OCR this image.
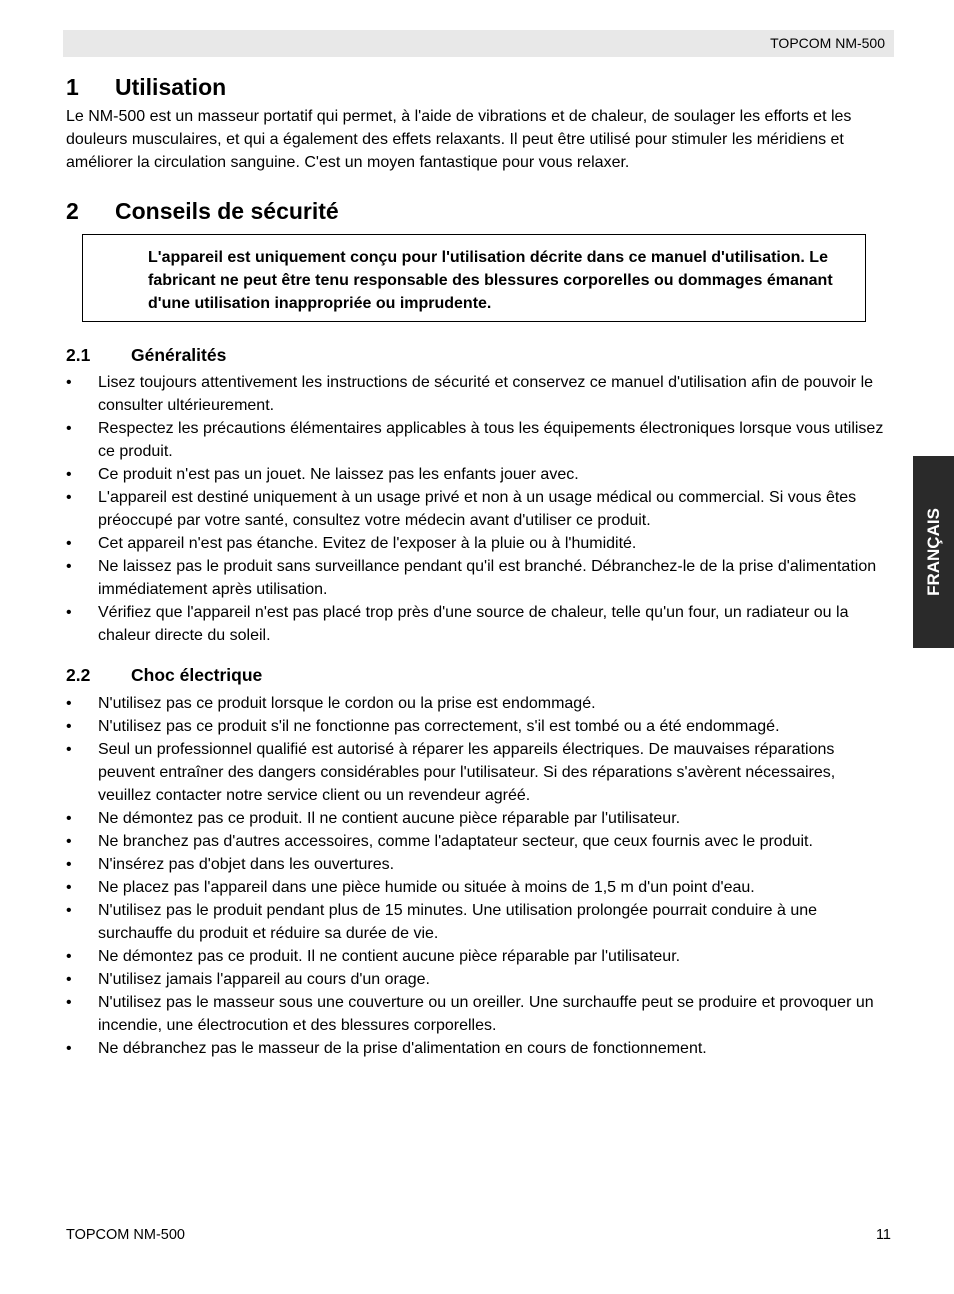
TOPCOM NM-500
1 Utilisation

Le NM-500 est un masseur portatif qui permet, à l'aide de vibrations et de chaleur, de soulager les efforts et les douleurs musculaires, et qui a également des effets relaxants. Il peut être utilisé pour stimuler les méridiens et améliorer la circulation sanguine. C'est un moyen fantastique pour vous relaxer.

2 Conseils de sécurité

L'appareil est uniquement conçu pour l'utilisation décrite dans ce manuel d'utilisation. Le fabricant ne peut être tenu responsable des blessures corporelles ou dommages émanant d'une utilisation inappropriée ou imprudente.

2.1 Généralités
• Lisez toujours attentivement les instructions de sécurité et conservez ce manuel d'utilisation afin de pouvoir le consulter ultérieurement.
• Respectez les précautions élémentaires applicables à tous les équipements électroniques lorsque vous utilisez ce produit.
• Ce produit n'est pas un jouet. Ne laissez pas les enfants jouer avec.
• L'appareil est destiné uniquement à un usage privé et non à un usage médical ou commercial. Si vous êtes préoccupé par votre santé, consultez votre médecin avant d'utiliser ce produit.
• Cet appareil n'est pas étanche. Evitez de l'exposer à la pluie ou à l'humidité.
• Ne laissez pas le produit sans surveillance pendant qu'il est branché. Débranchez-le de la prise d'alimentation immédiatement après utilisation.
• Vérifiez que l'appareil n'est pas placé trop près d'une source de chaleur, telle qu'un four, un radiateur ou la chaleur directe du soleil.
2.2 Choc électrique
• N'utilisez pas ce produit lorsque le cordon ou la prise est endommagé.
• N'utilisez pas ce produit s'il ne fonctionne pas correctement, s'il est tombé ou a été endommagé.
• Seul un professionnel qualifié est autorisé à réparer les appareils électriques. De mauvaises réparations peuvent entraîner des dangers considérables pour l'utilisateur. Si des réparations s'avèrent nécessaires, veuillez contacter notre service client ou un revendeur agréé.
• Ne démontez pas ce produit. Il ne contient aucune pièce réparable par l'utilisateur.
• Ne branchez pas d'autres accessoires, comme l'adaptateur secteur, que ceux fournis avec le produit.
• N'insérez pas d'objet dans les ouvertures.
• Ne placez pas l'appareil dans une pièce humide ou située à moins de 1,5 m d'un point d'eau.
• N'utilisez pas le produit pendant plus de 15 minutes. Une utilisation prolongée pourrait conduire à une surchauffe du produit et réduire sa durée de vie.
• Ne démontez pas ce produit. Il ne contient aucune pièce réparable par l'utilisateur.
• N'utilisez jamais l'appareil au cours d'un orage.
• N'utilisez pas le masseur sous une couverture ou un oreiller. Une surchauffe peut se produire et provoquer un incendie, une électrocution et des blessures corporelles.
• Ne débranchez pas le masseur de la prise d'alimentation en cours de fonctionnement.
FRANÇAIS
TOPCOM NM-500	11
